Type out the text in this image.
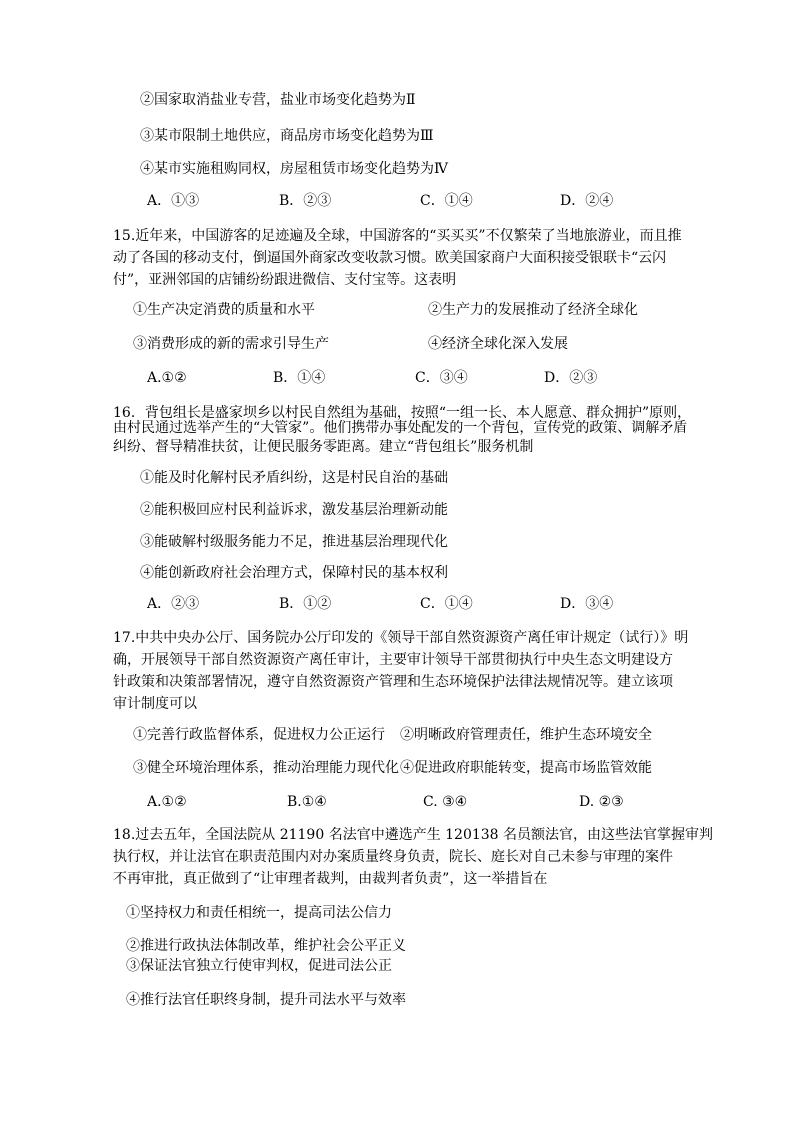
②国家取消盐业专营，盐业市场变化趋势为Ⅱ
③某市限制土地供应，商品房市场变化趋势为Ⅲ
④某市实施租购同权，房屋租赁市场变化趋势为Ⅳ
A．①③	B．②③	C．①④	D．②④
15.近年来，中国游客的足迹遍及全球，中国游客的“买买买”不仅繁荣了当地旅游业，而且推
动了各国的移动支付，倒逼国外商家改变收款习惯。欧美国家商户大面积接受银联卡“云闪
付”，亚洲邻国的店铺纷纷跟进微信、支付宝等。这表明
①生产决定消费的质量和水平	②生产力的发展推动了经济全球化
③消费形成的新的需求引导生产	④经济全球化深入发展
A.①②	B．①④	C．③④	D．②③
16．背包组长是盛家坝乡以村民自然组为基础，按照“一组一长、本人愿意、群众拥护”原则，
由村民通过选举产生的“大管家”。他们携带办事处配发的一个背包，宣传党的政策、调解矛盾
纠纷、督导精准扶贫，让便民服务零距离。建立“背包组长”服务机制
①能及时化解村民矛盾纠纷，这是村民自治的基础
②能积极回应村民利益诉求，激发基层治理新动能
③能破解村级服务能力不足，推进基层治理现代化
④能创新政府社会治理方式，保障村民的基本权利
A．②③	B．①②	C．①④	D．③④
17.中共中央办公厅、国务院办公厅印发的《领导干部自然资源资产离任审计规定（试行）》明
确，开展领导干部自然资源资产离任审计，主要审计领导干部贯彻执行中央生态文明建设方
针政策和决策部署情况，遵守自然资源资产管理和生态环境保护法律法规情况等。建立该项
审计制度可以
①完善行政监督体系，促进权力公正运行 ②明晰政府管理责任，维护生态环境安全
③健全环境治理体系，推动治理能力现代化 ④促进政府职能转变，提高市场监管效能
A.①②	B.①④	C. ③④	D. ②③
18.过去五年，全国法院从 21190 名法官中遴选产生 120138 名员额法官，由这些法官掌握审判
执行权，并让法官在职责范围内对办案质量终身负责，院长、庭长对自己未参与审理的案件
不再审批，真正做到了“让审理者裁判，由裁判者负责”，这一举措旨在
①坚持权力和责任相统一，提高司法公信力
②推进行政执法体制改革，维护社会公平正义
③保证法官独立行使审判权，促进司法公正
④推行法官任职终身制，提升司法水平与效率
